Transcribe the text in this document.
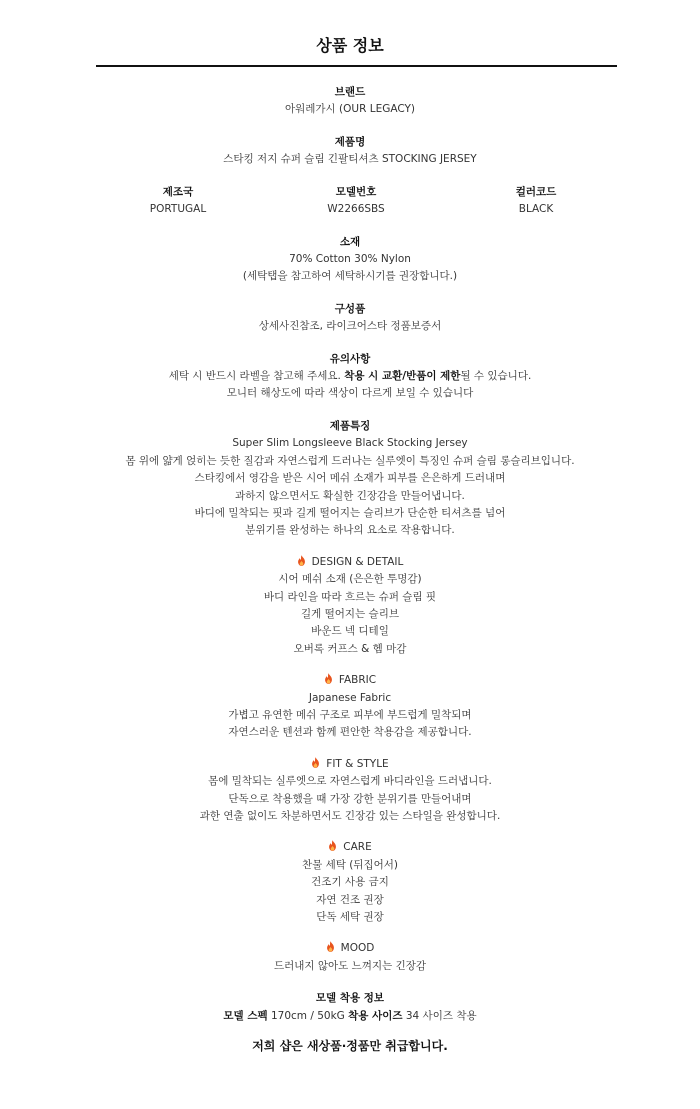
상품 정보
브랜드
아워레가시 (OUR LEGACY)
제품명
스타킹 저지 슈퍼 슬림 긴팔티셔츠 STOCKING JERSEY
제조국
PORTUGAL
모델번호
W2266SBS
컬러코드
BLACK
소재
70% Cotton 30% Nylon
(세탁탭을 참고하여 세탁하시기를 권장합니다.)
구성품
상세사진참조, 라이크어스타 정품보증서
유의사항
세탁 시 반드시 라벨을 참고해 주세요. 착용 시 교환/반품이 제한될 수 있습니다.
모니터 해상도에 따라 색상이 다르게 보일 수 있습니다
제품특징
Super Slim Longsleeve Black Stocking Jersey
몸 위에 얇게 얹히는 듯한 질감과 자연스럽게 드러나는 실루엣이 특징인 슈퍼 슬림 롱슬리브입니다.
스타킹에서 영감을 받은 시어 메쉬 소재가 피부를 은은하게 드러내며
과하지 않으면서도 확실한 긴장감을 만들어냅니다.
바디에 밀착되는 핏과 길게 떨어지는 슬리브가 단순한 티셔츠를 넘어
분위기를 완성하는 하나의 요소로 작용합니다.
DESIGN & DETAIL
시어 메쉬 소재 (은은한 투명감)
바디 라인을 따라 흐르는 슈퍼 슬림 핏
길게 떨어지는 슬리브
바운드 넥 디테일
오버록 커프스 & 헴 마감
FABRIC
Japanese Fabric
가볍고 유연한 메쉬 구조로 피부에 부드럽게 밀착되며
자연스러운 텐션과 함께 편안한 착용감을 제공합니다.
FIT & STYLE
몸에 밀착되는 실루엣으로 자연스럽게 바디라인을 드러냅니다.
단독으로 착용했을 때 가장 강한 분위기를 만들어내며
과한 연출 없이도 차분하면서도 긴장감 있는 스타일을 완성합니다.
CARE
찬물 세탁 (뒤집어서)
건조기 사용 금지
자연 건조 권장
단독 세탁 권장
MOOD
드러내지 않아도 느껴지는 긴장감
모델 착용 정보
모델 스펙 170cm / 50kG 착용 사이즈 34 사이즈 착용
저희 샵은 새상품·정품만 취급합니다.
